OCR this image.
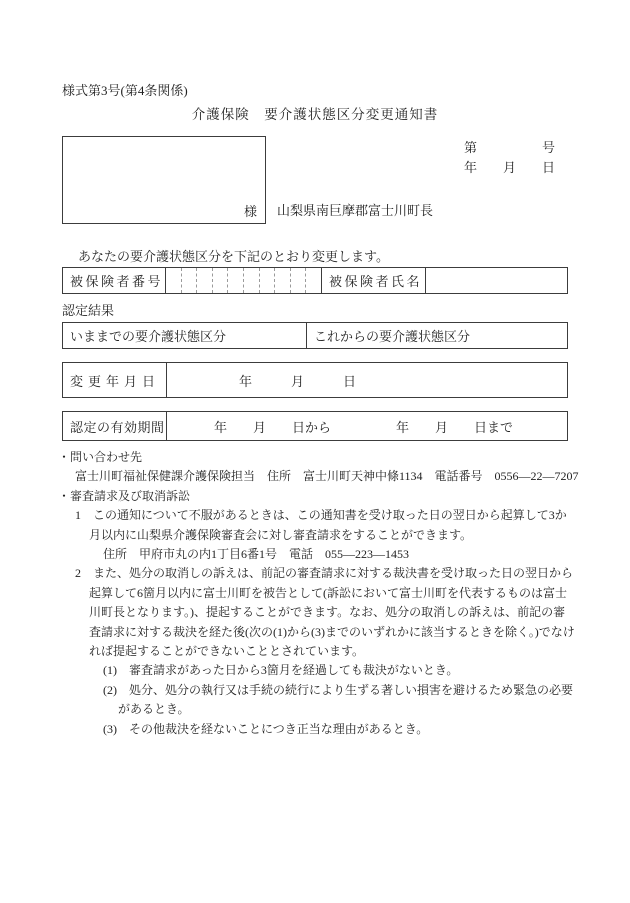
様式第3号(第4条関係)
介護保険　要介護状態区分変更通知書
様
第　　　　　号
年　　月　　日
山梨県南巨摩郡富士川町長
あなたの要介護状態区分を下記のとおり変更します。
被保険者番号	被保険者氏名
認定結果
いままでの要介護状態区分	これからの要介護状態区分
変更年月日	年　　　月　　　日
認定の有効期間	年　　月　　日から　　　　　年　　月　　日まで
・問い合わせ先
富士川町福祉保健課介護保険担当　住所　富士川町天神中條1134　電話番号　0556―22―7207
・審査請求及び取消訴訟
1　この通知について不服があるときは、この通知書を受け取った日の翌日から起算して3か月以内に山梨県介護保険審査会に対し審査請求をすることができます。
住所　甲府市丸の内1丁目6番1号　電話　055―223―1453
2　また、処分の取消しの訴えは、前記の審査請求に対する裁決書を受け取った日の翌日から起算して6箇月以内に富士川町を被告として(訴訟において富士川町を代表するものは富士川町長となります。)、提起することができます。なお、処分の取消しの訴えは、前記の審査請求に対する裁決を経た後(次の(1)から(3)までのいずれかに該当するときを除く。)でなければ提起することができないこととされています。
(1)　審査請求があった日から3箇月を経過しても裁決がないとき。
(2)　処分、処分の執行又は手続の続行により生ずる著しい損害を避けるため緊急の必要があるとき。
(3)　その他裁決を経ないことにつき正当な理由があるとき。
